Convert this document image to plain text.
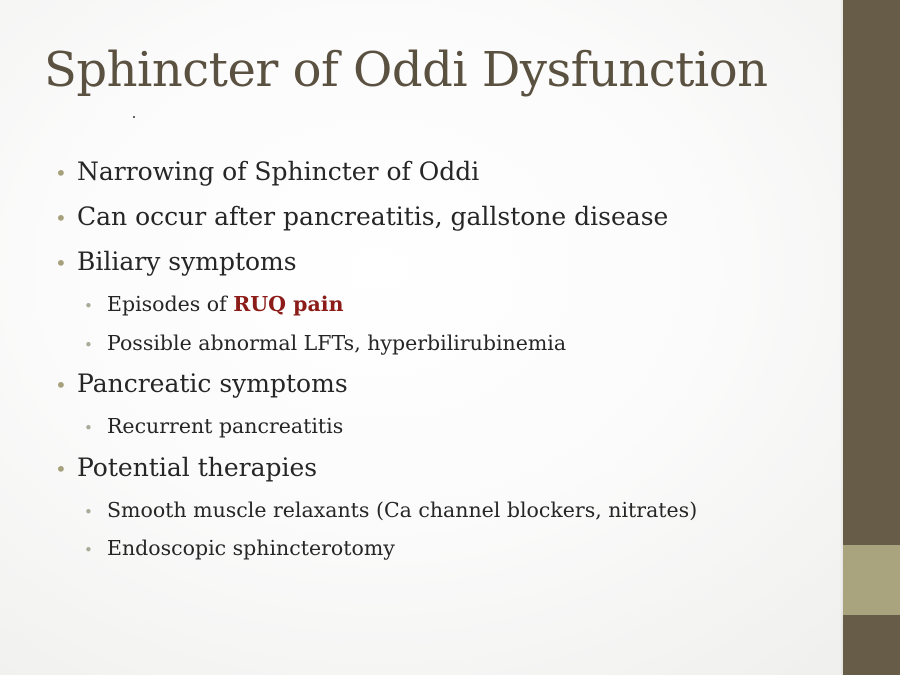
Sphincter of Oddi Dysfunction
• Narrowing of Sphincter of Oddi
• Can occur after pancreatitis, gallstone disease
• Biliary symptoms
• Episodes of RUQ pain
• Possible abnormal LFTs, hyperbilirubinemia
• Pancreatic symptoms
• Recurrent pancreatitis
• Potential therapies
• Smooth muscle relaxants (Ca channel blockers, nitrates)
• Endoscopic sphincterotomy
